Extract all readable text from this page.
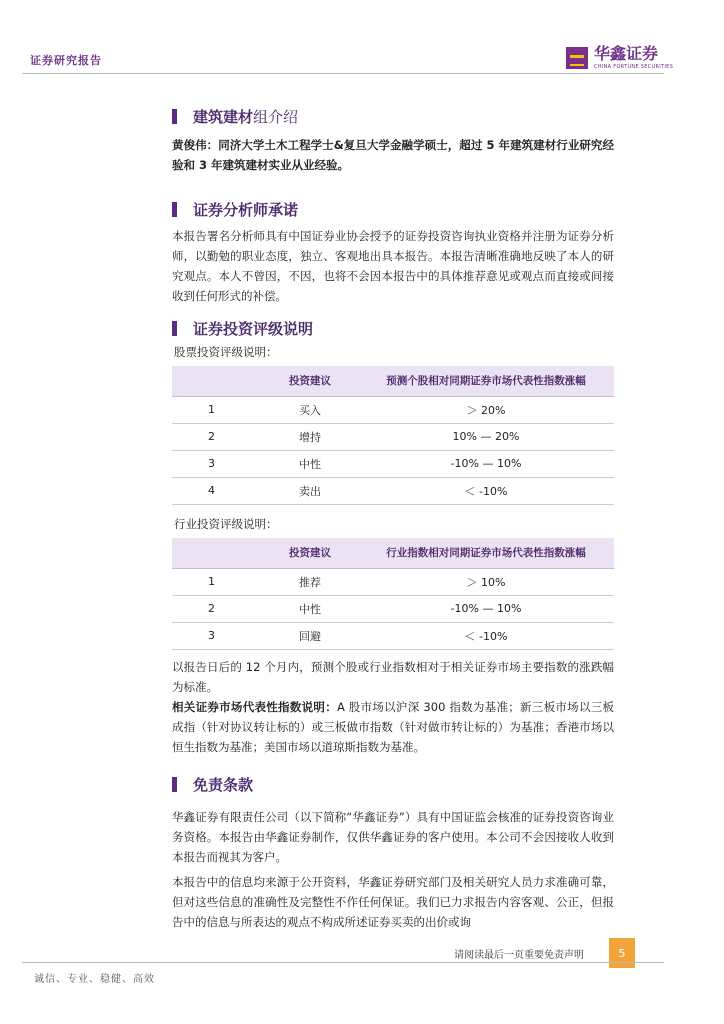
证券研究报告	华鑫证券
CHINA FORTUNE SECURITIES
建筑建材 组介绍
黄俊伟：同济大学土木工程学士&复旦大学金融学硕士，超过 5 年建筑建材行业研究经验和 3 年建筑建材实业从业经验。
证券分析师承诺
本报告署名分析师具有中国证券业协会授予的证券投资咨询执业资格并注册为证券分析师，以勤勉的职业态度，独立、客观地出具本报告。本报告清晰准确地反映了本人的研究观点。本人不曾因，不因，也将不会因本报告中的具体推荐意见或观点而直接或间接收到任何形式的补偿。
证券投资评级说明
股票投资评级说明：
	投资建议	预测个股相对同期证券市场代表性指数涨幅
1	买入	＞ 20%
2	增持	10% — 20%
3	中性	-10% — 10%
4	卖出	＜ -10%
行业投资评级说明：
	投资建议	行业指数相对同期证券市场代表性指数涨幅
1	推荐	＞ 10%
2	中性	-10% — 10%
3	回避	＜ -10%
以报告日后的 12 个月内，预测个股或行业指数相对于相关证券市场主要指数的涨跌幅为标准。
相关证券市场代表性指数说明：A 股市场以沪深 300 指数为基准；新三板市场以三板成指（针对协议转让标的）或三板做市指数（针对做市转让标的）为基准；香港市场以恒生指数为基准；美国市场以道琼斯指数为基准。
免责条款
华鑫证券有限责任公司（以下简称“华鑫证券”）具有中国证监会核准的证券投资咨询业务资格。本报告由华鑫证券制作，仅供华鑫证券的客户使用。本公司不会因接收人收到本报告而视其为客户。
本报告中的信息均来源于公开资料，华鑫证券研究部门及相关研究人员力求准确可靠，但对这些信息的准确性及完整性不作任何保证。我们已力求报告内容客观、公正，但报告中的信息与所表达的观点不构成所述证券买卖的出价或询
请阅读最后一页重要免责声明	5
诚信、专业、稳健、高效
